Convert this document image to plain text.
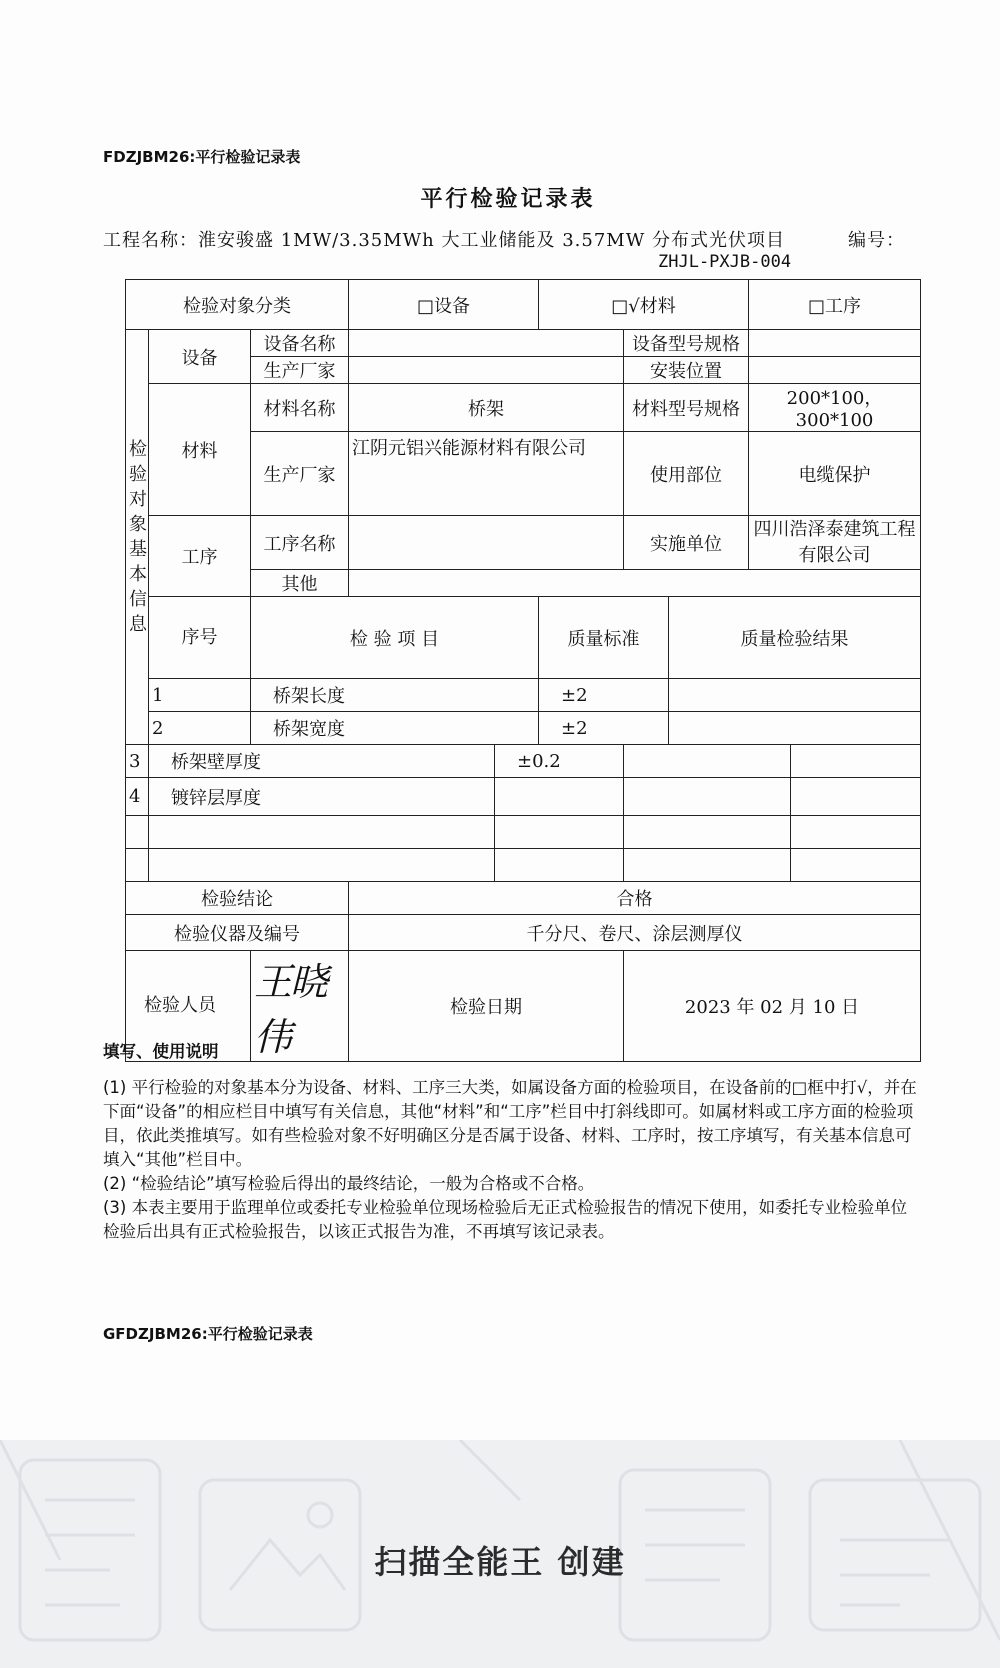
FDZJBM26:平行检验记录表
平行检验记录表
工程名称：淮安骏盛 1MW/3.35MWh 大工业储能及 3.57MW 分布式光伏项目	编号：
ZHJL-PXJB-004
检验对象分类			□设备		□√材料			□工序		
检验对象基本信息	设备	设备名称				设备型号规格				
		生产厂家				安装位置				
	材料	材料名称	桥架			材料型号规格		200*100，300*100		
		生产厂家	江阴元铝兴能源材料有限公司			使用部位		电缆保护		
	工序	工序名称				实施单位		四川浩泽泰建筑工程有限公司		
		其他								
	序号	检 验 项 目			质量标准		质量检验结果	
	1	桥架长度			±2					
	2	桥架宽度			±2					
3	桥架壁厚度			±0.2						
4	镀锌层厚度									

检验结论			合格							
检验仪器及编号			千分尺、卷尺、涂层测厚仪							
检验人员		王晓伟	检验日期			2023 年 02 月 10 日				
填写、使用说明

(1) 平行检验的对象基本分为设备、材料、工序三大类，如属设备方面的检验项目，在设备前的□框中打√，并在下面“设备”的相应栏目中填写有关信息，其他“材料”和“工序”栏目中打斜线即可。如属材料或工序方面的检验项目，依此类推填写。如有些检验对象不好明确区分是否属于设备、材料、工序时，按工序填写，有关基本信息可填入“其他”栏目中。

(2) “检验结论”填写检验后得出的最终结论，一般为合格或不合格。

(3) 本表主要用于监理单位或委托专业检验单位现场检验后无正式检验报告的情况下使用，如委托专业检验单位检验后出具有正式检验报告，以该正式报告为准，不再填写该记录表。

GFDZJBM26:平行检验记录表
扫描全能王 创建
